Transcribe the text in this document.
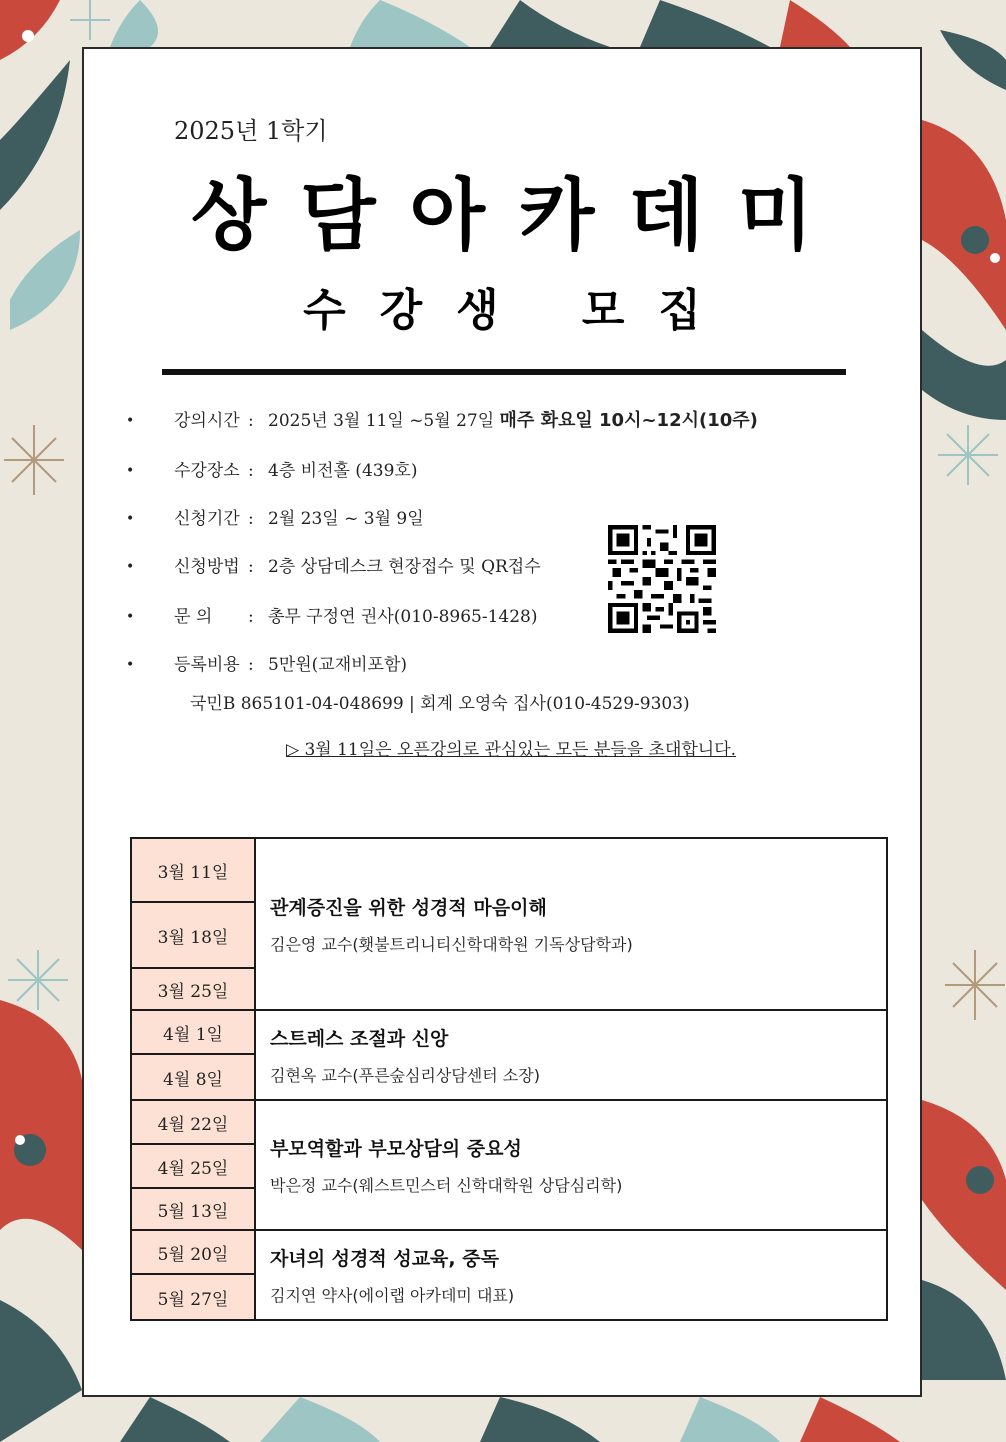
2025년 1학기
상담아카데미
수강생 모집
• 강의시간 : 2025년 3월 11일 ~5월 27일 매주 화요일 10시~12시(10주)
• 수강장소 : 4층 비전홀 (439호)
• 신청기간 : 2월 23일 ~ 3월 9일
• 신청방법 : 2층 상담데스크 현장접수 및 QR접수
• 문 의	: 총무 구정연 권사(010-8965-1428)
• 등록비용 : 5만원(교재비포함)
국민B 865101-04-048699 | 회계 오영숙 집사(010-4529-9303)
▷ 3월 11일은 오픈강의로 관심있는 모든 분들을 초대합니다.
3월 11일	관계증진을 위한 성경적 마음이해
김은영 교수(횃불트리니티신학대학원 기독상담학과)

3월 18일	
3월 25일	
4월 1일	스트레스 조절과 신앙
김현옥 교수(푸른숲심리상담센터 소장)

4월 8일	
4월 22일	부모역할과 부모상담의 중요성
박은정 교수(웨스트민스터 신학대학원 상담심리학)

4월 25일	
5월 13일	
5월 20일	자녀의 성경적 성교육, 중독
김지연 약사(에이랩 아카데미 대표)

5월 27일	
